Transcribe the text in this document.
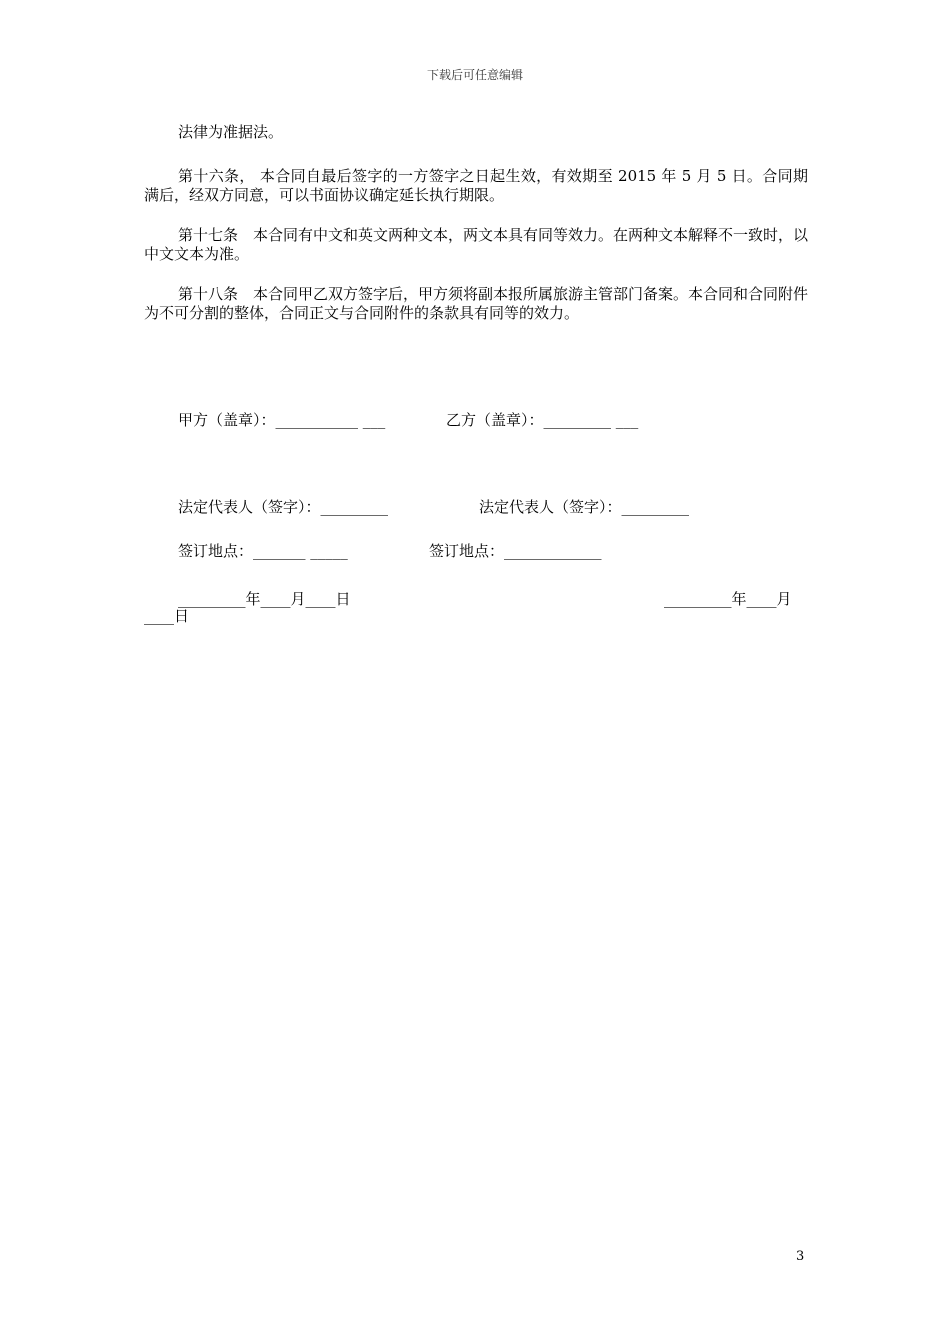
下载后可任意编辑

法律为准据法。

第十六条， 本合同自最后签字的一方签字之日起生效，有效期至 2015 年 5 月 5 日。合同期满后，经双方同意，可以书面协议确定延长执行期限。

第十七条　本合同有中文和英文两种文本，两文本具有同等效力。在两种文本解释不一致时，以中文文本为准。

第十八条　本合同甲乙双方签字后，甲方须将副本报所属旅游主管部门备案。本合同和合同附件为不可分割的整体，合同正文与合同附件的条款具有同等的效力。

甲方（盖章）：___________ ___	乙方（盖章）：_________ ___
法定代表人（签字）：_________	法定代表人（签字）：_________
签订地点：_______ _____	签订地点：_____________
_________年____月____日	_________年____月
____日
3
